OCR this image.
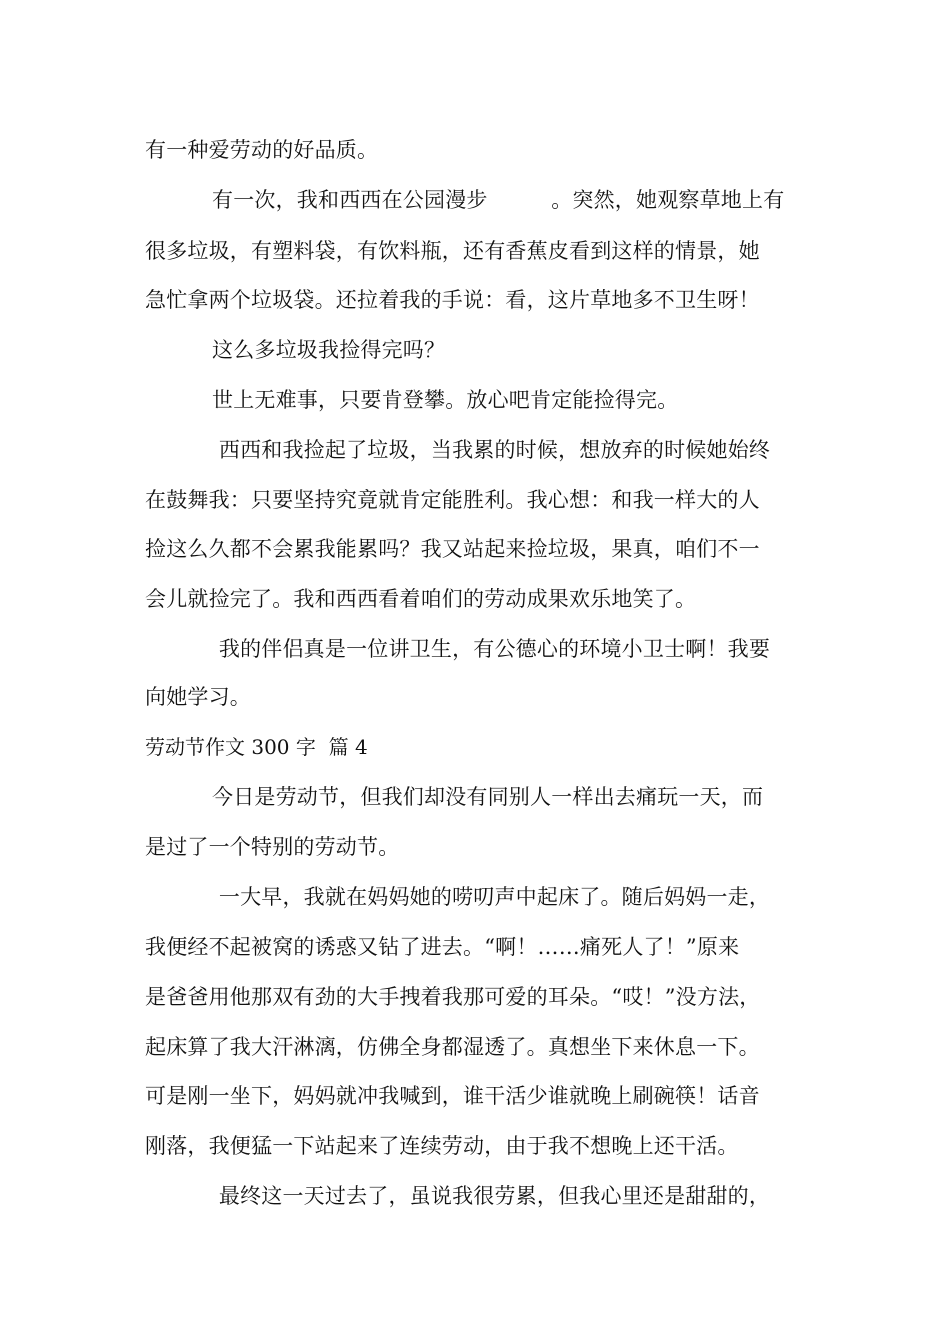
有一种爱劳动的好品质。
有一次，我和西西在公园漫步　　　。突然，她观察草地上有
很多垃圾，有塑料袋，有饮料瓶，还有香蕉皮看到这样的情景，她
急忙拿两个垃圾袋。还拉着我的手说：看，这片草地多不卫生呀！
这么多垃圾我捡得完吗？
世上无难事，只要肯登攀。放心吧肯定能捡得完。
西西和我捡起了垃圾，当我累的时候，想放弃的时候她始终
在鼓舞我：只要坚持究竟就肯定能胜利。我心想：和我一样大的人
捡这么久都不会累我能累吗？我又站起来捡垃圾，果真，咱们不一
会儿就捡完了。我和西西看着咱们的劳动成果欢乐地笑了。
我的伴侣真是一位讲卫生，有公德心的环境小卫士啊！我要
向她学习。
劳动节作文 300 字  篇 4
今日是劳动节，但我们却没有同别人一样出去痛玩一天，而
是过了一个特别的劳动节。
一大早，我就在妈妈她的唠叨声中起床了。随后妈妈一走，
我便经不起被窝的诱惑又钻了进去。“啊！……痛死人了！”原来
是爸爸用他那双有劲的大手拽着我那可爱的耳朵。“哎！”没方法，
起床算了我大汗淋漓，仿佛全身都湿透了。真想坐下来休息一下。
可是刚一坐下，妈妈就冲我喊到，谁干活少谁就晚上刷碗筷！话音
刚落，我便猛一下站起来了连续劳动，由于我不想晚上还干活。
最终这一天过去了，虽说我很劳累，但我心里还是甜甜的，
